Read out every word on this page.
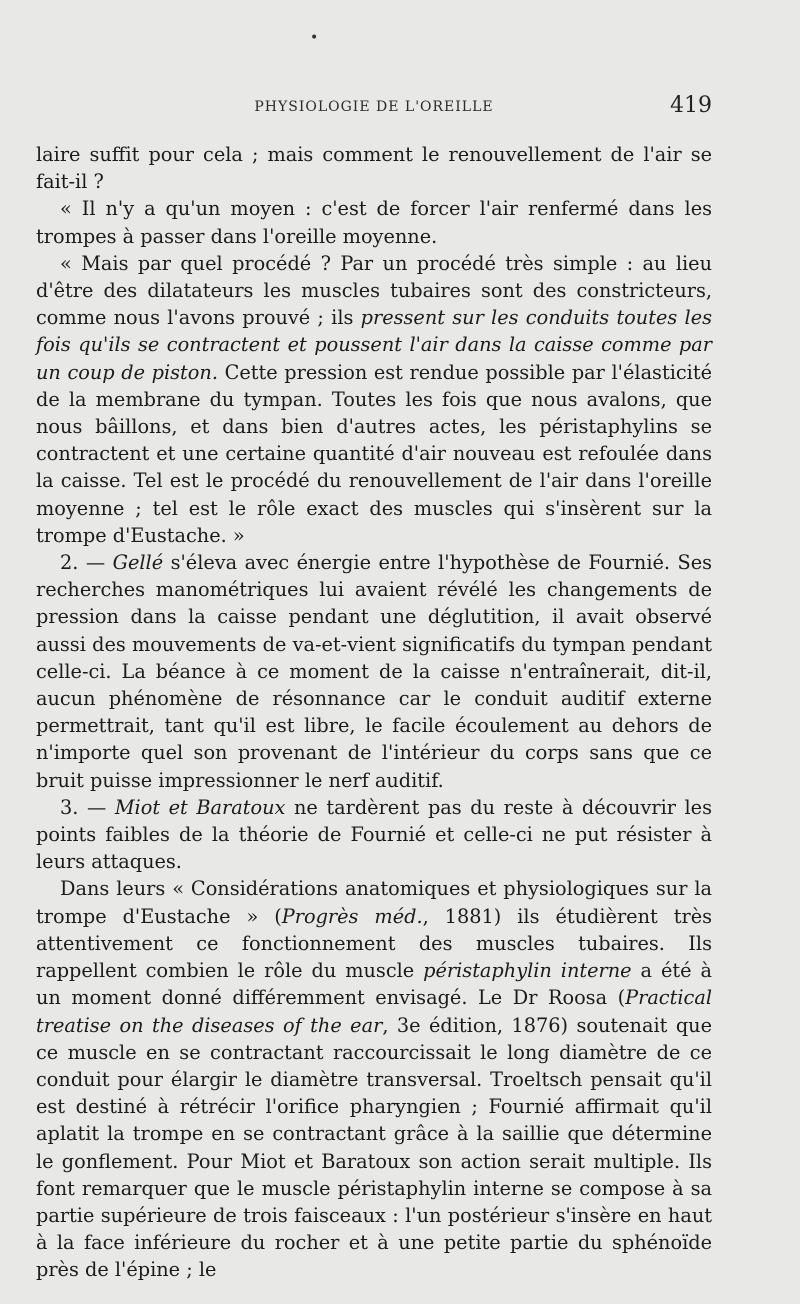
•
PHYSIOLOGIE DE L'OREILLE	419

laire suffit pour cela ; mais comment le renouvellement de l'air se fait-il ?

« Il n'y a qu'un moyen : c'est de forcer l'air renfermé dans les trompes à passer dans l'oreille moyenne.

« Mais par quel procédé ? Par un procédé très simple : au lieu d'être des dilatateurs les muscles tubaires sont des constricteurs, comme nous l'avons prouvé ; ils pressent sur les conduits toutes les fois qu'ils se contractent et poussent l'air dans la caisse comme par un coup de piston. Cette pression est rendue possible par l'élasticité de la membrane du tympan. Toutes les fois que nous avalons, que nous bâillons, et dans bien d'autres actes, les péristaphylins se contractent et une certaine quantité d'air nouveau est refoulée dans la caisse. Tel est le procédé du renouvellement de l'air dans l'oreille moyenne ; tel est le rôle exact des muscles qui s'insèrent sur la trompe d'Eustache. »

2. — Gellé s'éleva avec énergie entre l'hypothèse de Fournié. Ses recherches manométriques lui avaient révélé les changements de pression dans la caisse pendant une déglutition, il avait observé aussi des mouvements de va-et-vient significatifs du tympan pendant celle-ci. La béance à ce moment de la caisse n'entraînerait, dit-il, aucun phénomène de résonnance car le conduit auditif externe permettrait, tant qu'il est libre, le facile écoulement au dehors de n'importe quel son provenant de l'intérieur du corps sans que ce bruit puisse impressionner le nerf auditif.

3. — Miot et Baratoux ne tardèrent pas du reste à découvrir les points faibles de la théorie de Fournié et celle-ci ne put résister à leurs attaques.

Dans leurs « Considérations anatomiques et physiologiques sur la trompe d'Eustache » (Progrès méd., 1881) ils étudièrent très attentivement ce fonctionnement des muscles tubaires. Ils rappellent combien le rôle du muscle péristaphylin interne a été à un moment donné différemment envisagé. Le Dr Roosa (Practical treatise on the diseases of the ear, 3e édition, 1876) soutenait que ce muscle en se contractant raccourcissait le long diamètre de ce conduit pour élargir le diamètre transversal. Troeltsch pensait qu'il est destiné à rétrécir l'orifice pharyngien ; Fournié affirmait qu'il aplatit la trompe en se contractant grâce à la saillie que détermine le gonflement. Pour Miot et Baratoux son action serait multiple. Ils font remarquer que le muscle péristaphylin interne se compose à sa partie supérieure de trois faisceaux : l'un postérieur s'insère en haut à la face inférieure du rocher et à une petite partie du sphénoïde près de l'épine ; le
